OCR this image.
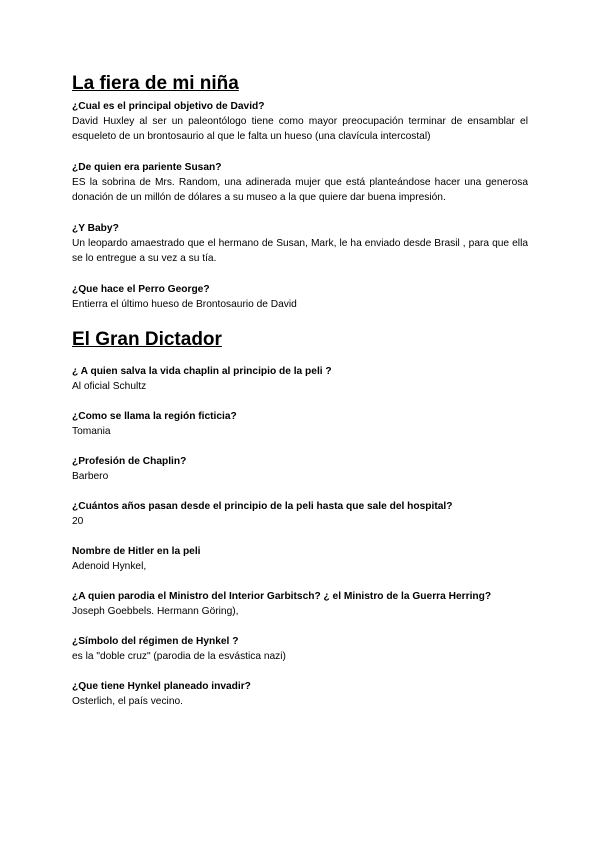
La fiera de mi niña

¿Cual es el principal objetivo de David?

David Huxley al ser un paleontólogo tiene como mayor preocupación terminar de ensamblar el esqueleto de un brontosaurio al que le falta un hueso (una clavícula intercostal)

¿De quien era pariente Susan?

ES la sobrina de Mrs. Random, una adinerada mujer que está planteándose hacer una generosa donación de un millón de dólares a su museo a la que quiere dar buena impresión.

¿Y Baby?

Un leopardo amaestrado que el hermano de Susan, Mark, le ha enviado desde Brasil , para que ella se lo entregue a su vez a su tía.

¿Que hace el Perro George?

Entierra el último hueso de Brontosaurio de David

El Gran Dictador

¿ A quien salva la vida chaplin al principio de la peli ?

Al oficial Schultz

¿Como se llama la región ficticia?

Tomania

¿Profesión de Chaplin?

Barbero

¿Cuántos años pasan desde el principio de la peli hasta que sale del hospital?

20

Nombre de Hitler en la peli

Adenoid Hynkel,

¿A quien parodia el Ministro del Interior Garbitsch? ¿ el Ministro de la Guerra Herring?

Joseph Goebbels. Hermann Göring),

¿Símbolo del régimen de Hynkel ?

es la "doble cruz" (parodia de la esvástica nazi)

¿Que tiene Hynkel planeado invadir?

Osterlich, el país vecino.
